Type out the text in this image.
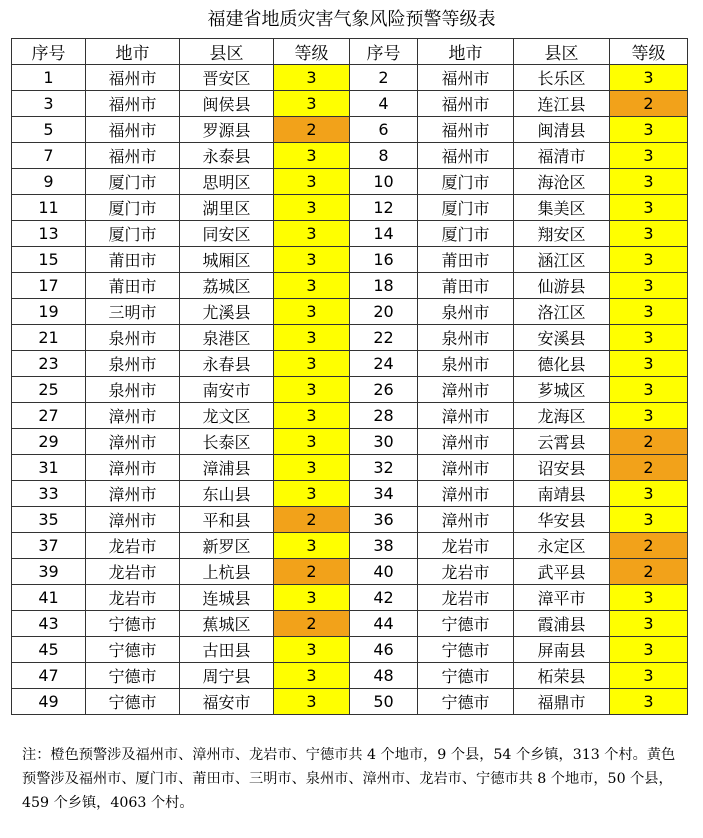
福建省地质灾害气象风险预警等级表
序号	地市	县区	等级	序号	地市	县区	等级
1	福州市	晋安区	3	2	福州市	长乐区	3
3	福州市	闽侯县	3	4	福州市	连江县	2
5	福州市	罗源县	2	6	福州市	闽清县	3
7	福州市	永泰县	3	8	福州市	福清市	3
9	厦门市	思明区	3	10	厦门市	海沧区	3
11	厦门市	湖里区	3	12	厦门市	集美区	3
13	厦门市	同安区	3	14	厦门市	翔安区	3
15	莆田市	城厢区	3	16	莆田市	涵江区	3
17	莆田市	荔城区	3	18	莆田市	仙游县	3
19	三明市	尤溪县	3	20	泉州市	洛江区	3
21	泉州市	泉港区	3	22	泉州市	安溪县	3
23	泉州市	永春县	3	24	泉州市	德化县	3
25	泉州市	南安市	3	26	漳州市	芗城区	3
27	漳州市	龙文区	3	28	漳州市	龙海区	3
29	漳州市	长泰区	3	30	漳州市	云霄县	2
31	漳州市	漳浦县	3	32	漳州市	诏安县	2
33	漳州市	东山县	3	34	漳州市	南靖县	3
35	漳州市	平和县	2	36	漳州市	华安县	3
37	龙岩市	新罗区	3	38	龙岩市	永定区	2
39	龙岩市	上杭县	2	40	龙岩市	武平县	2
41	龙岩市	连城县	3	42	龙岩市	漳平市	3
43	宁德市	蕉城区	2	44	宁德市	霞浦县	3
45	宁德市	古田县	3	46	宁德市	屏南县	3
47	宁德市	周宁县	3	48	宁德市	柘荣县	3
49	宁德市	福安市	3	50	宁德市	福鼎市	3
注：橙色预警涉及福州市、漳州市、龙岩市、宁德市共 4 个地市，9 个县，54 个乡镇，313 个村。黄色预警涉及福州市、厦门市、莆田市、三明市、泉州市、漳州市、龙岩市、宁德市共 8 个地市，50 个县，459 个乡镇，4063 个村。
